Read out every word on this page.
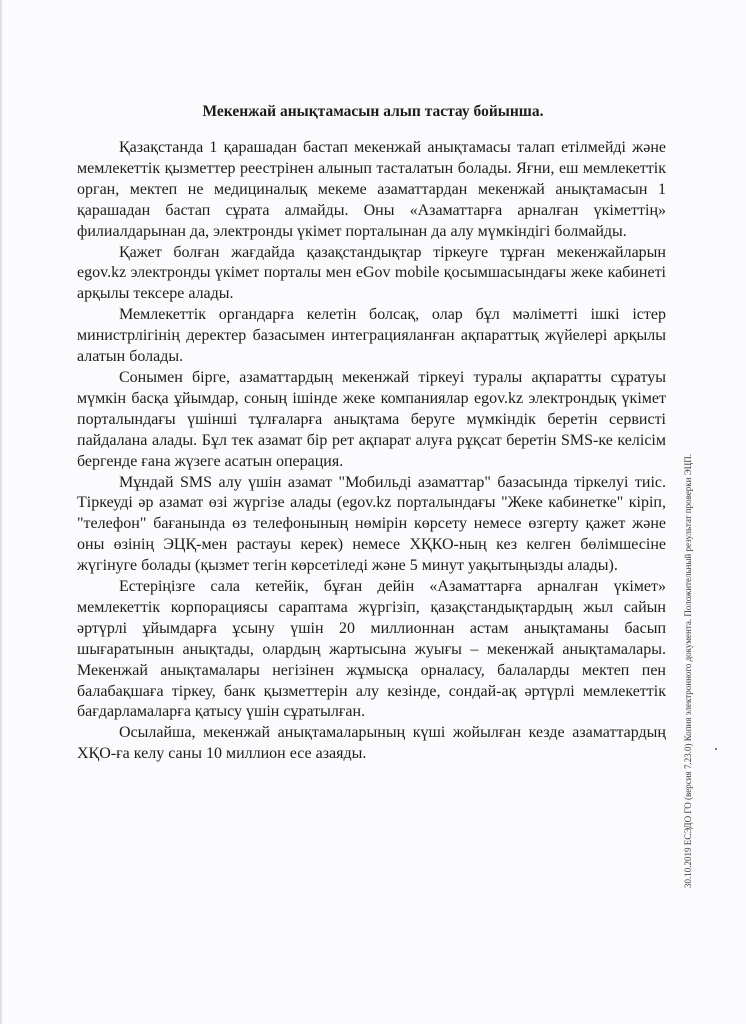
Мекенжай анықтамасын алып тастау бойынша.

Қазақстанда 1 қарашадан бастап мекенжай анықтамасы талап етілмейді және мемлекеттік қызметтер реестрінен алынып тасталатын болады. Яғни, еш мемлекеттік орган, мектеп не медициналық мекеме азаматтардан мекенжай анықтамасын 1 қарашадан бастап сұрата алмайды. Оны «Азаматтарға арналған үкіметтің» филиалдарынан да, электронды үкімет порталынан да алу мүмкіндігі болмайды.

Қажет болған жағдайда қазақстандықтар тіркеуге тұрған мекенжайларын egov.kz электронды үкімет порталы мен eGov mobile қосымшасындағы жеке кабинеті арқылы тексере алады.

Мемлекеттік органдарға келетін болсақ, олар бұл мәліметті ішкі істер министрлігінің деректер базасымен интеграцияланған ақпараттық жүйелері арқылы алатын болады.

Сонымен бірге, азаматтардың мекенжай тіркеуі туралы ақпаратты сұратуы мүмкін басқа ұйымдар, соның ішінде жеке компаниялар egov.kz электрондық үкімет порталындағы үшінші тұлғаларға анықтама беруге мүмкіндік беретін сервисті пайдалана алады. Бұл тек азамат бір рет ақпарат алуға рұқсат беретін SMS-ке келісім бергенде ғана жүзеге асатын операция.

Мұндай SMS алу үшін азамат "Мобильді азаматтар" базасында тіркелуі тиіс. Тіркеуді әр азамат өзі жүргізе алады (egov.kz порталындағы "Жеке кабинетке" кіріп, "телефон" бағанында өз телефонының нөмірін көрсету немесе өзгерту қажет және оны өзінің ЭЦҚ-мен растауы керек) немесе ХҚКО-ның кез келген бөлімшесіне жүгінуге болады (қызмет тегін көрсетіледі және 5 минут уақытыңызды алады).

Естеріңізге сала кетейік, бұған дейін «Азаматтарға арналған үкімет» мемлекеттік корпорациясы сараптама жүргізіп, қазақстандықтардың жыл сайын әртүрлі ұйымдарға ұсыну үшін 20 миллионнан астам анықтаманы басып шығаратынын анықтады, олардың жартысына жуығы – мекенжай анықтамалары. Мекенжай анықтамалары негізінен жұмысқа орналасу, балаларды мектеп пен балабақшаға тіркеу, банк қызметтерін алу кезінде, сондай-ақ әртүрлі мемлекеттік бағдарламаларға қатысу үшін сұратылған.

Осылайша, мекенжай анықтамаларының күші жойылған кезде азаматтардың ХҚО-ға келу саны 10 миллион есе азаяды.	30.10.2019 ЕСЭДО ГО (версия 7.23.0) Копия электронного документа. Положительный результат проверки ЭЦП.
